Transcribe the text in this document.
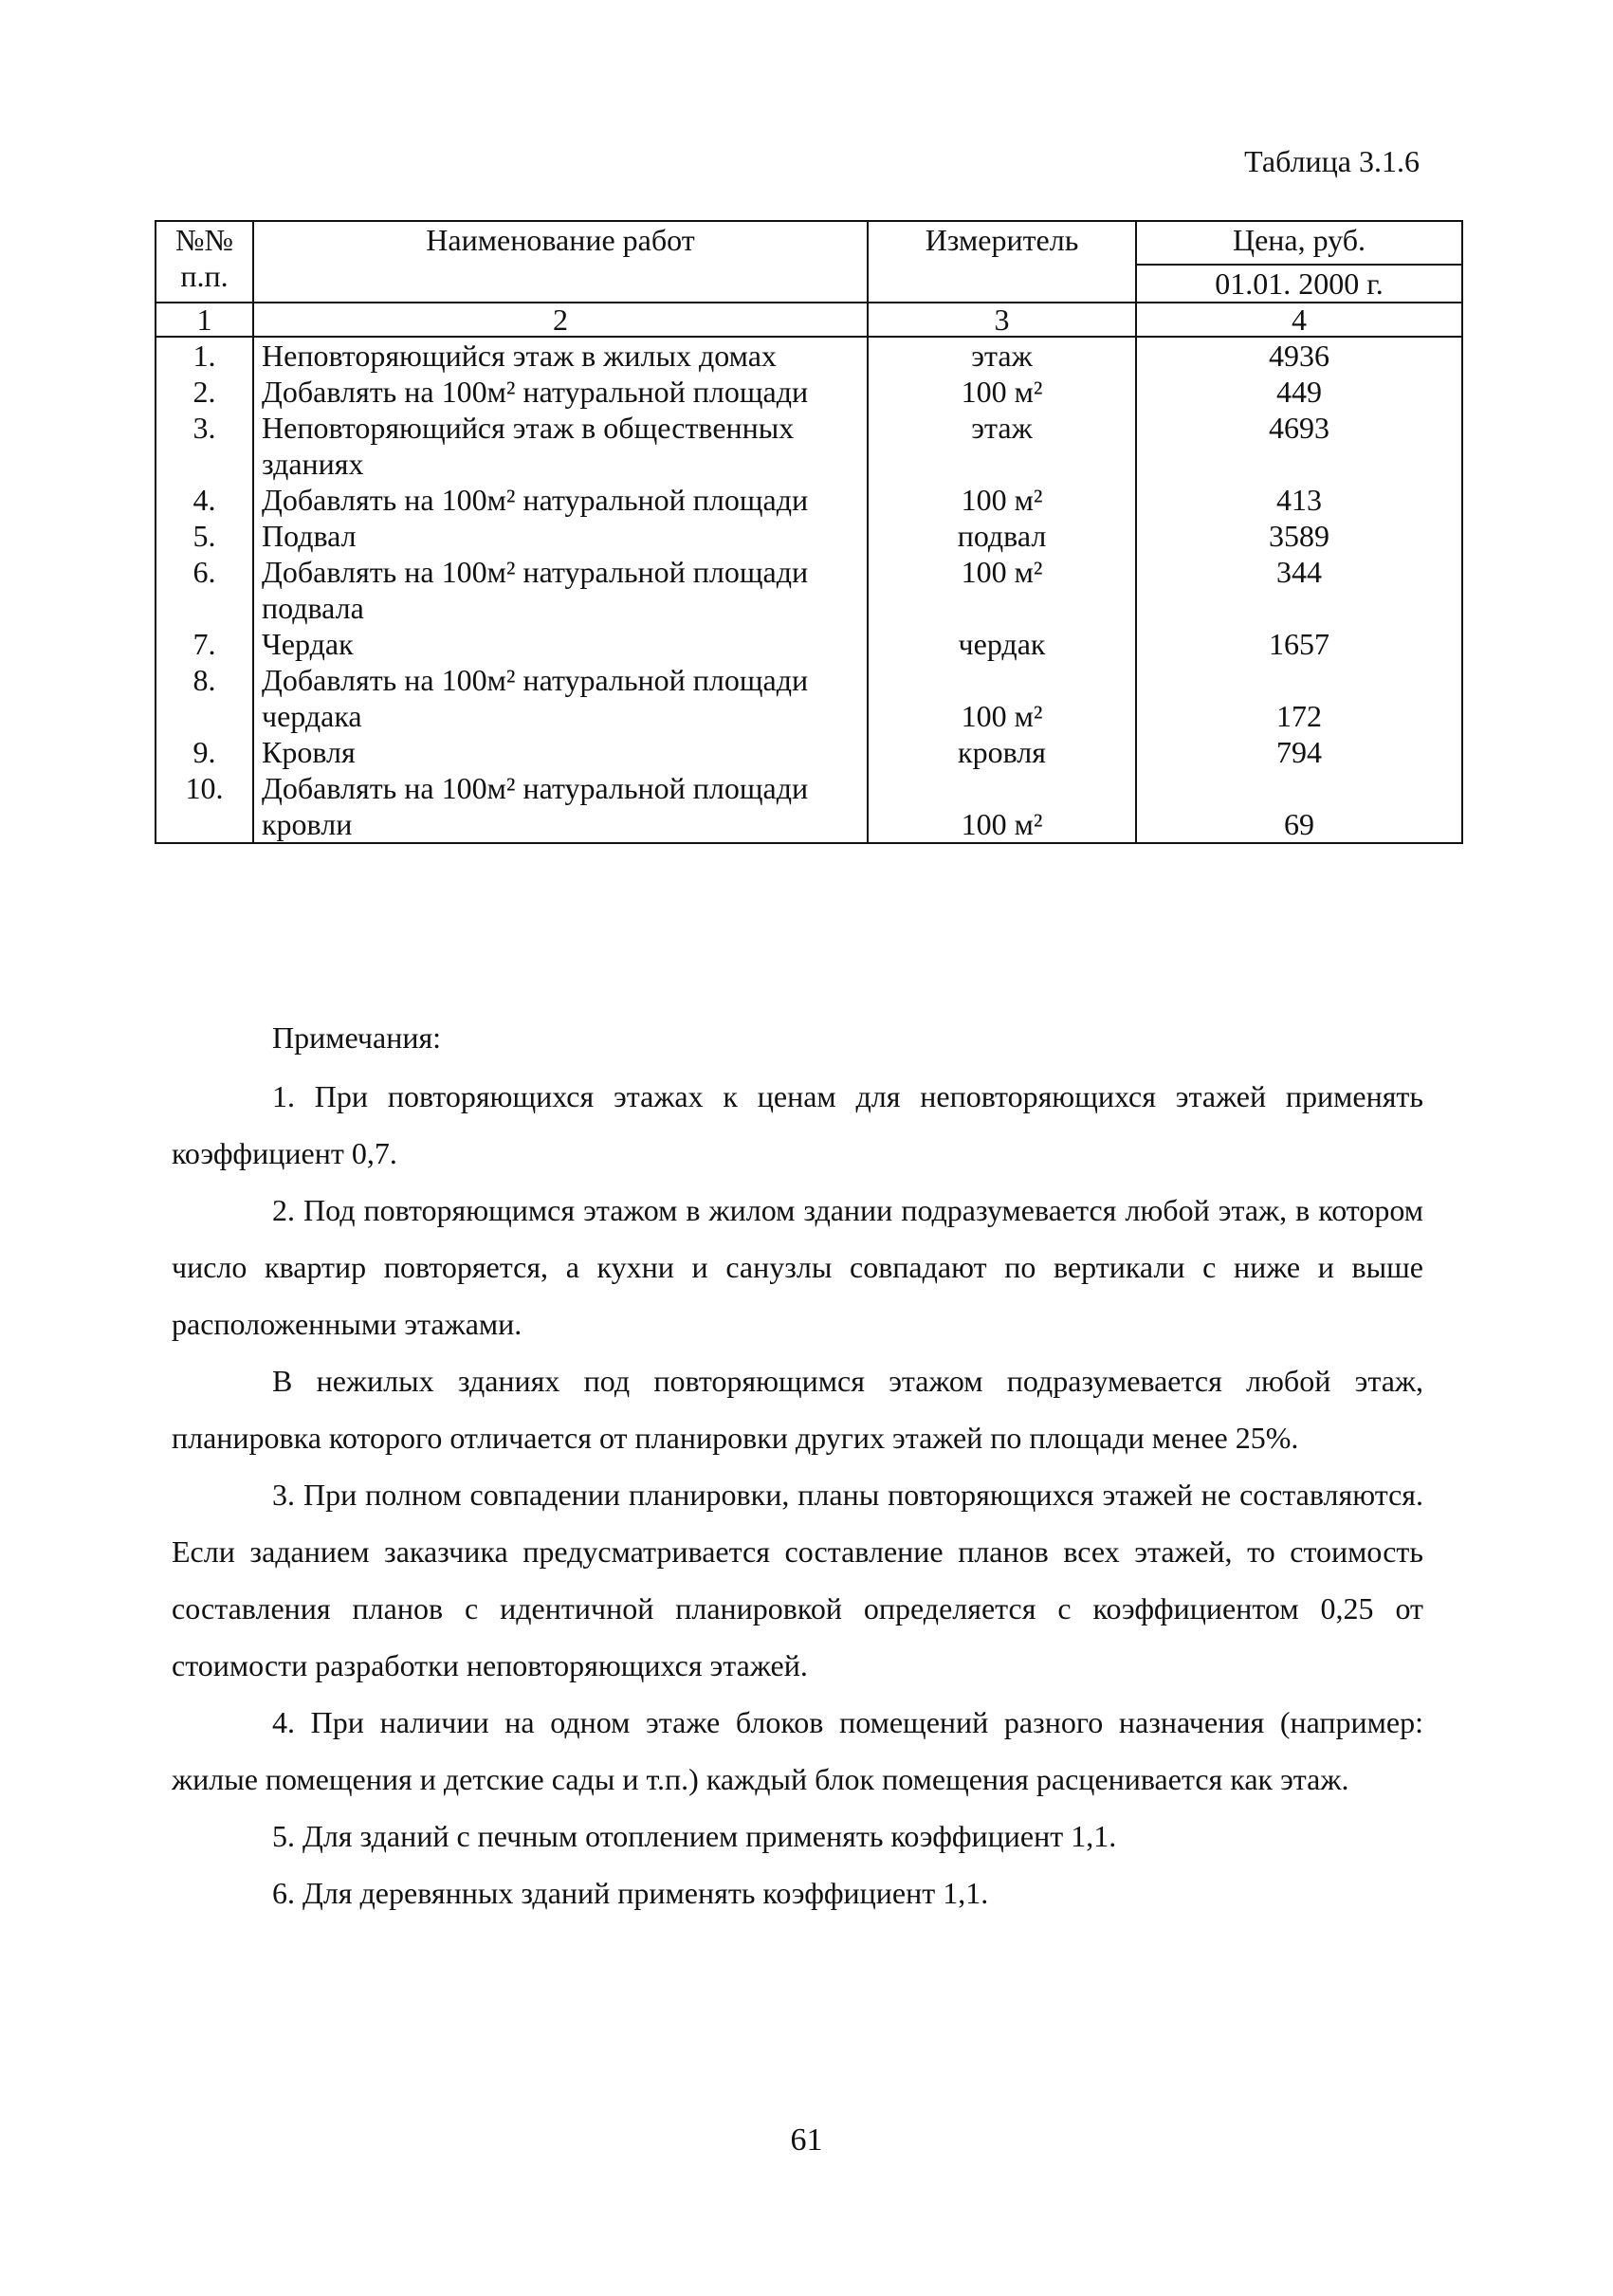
Таблица 3.1.6
№№ п.п.	Наименование работ	Измеритель	Цена, руб.
			01.01. 2000 г.
1	2	3	4
1.	Неповторяющийся этаж в жилых домах	этаж	4936
2.	Добавлять на 100м² натуральной площади	100 м²	449
3.	Неповторяющийся этаж в общественных зданиях	этаж	4693
4.	Добавлять на 100м² натуральной площади	100 м²	413
5.	Подвал	подвал	3589
6.	Добавлять на 100м² натуральной площади подвала	100 м²	344
7.	Чердак	чердак	1657
8.	Добавлять на 100м² натуральной площади чердака	100 м²	172
9.	Кровля	кровля	794
10.	Добавлять на 100м² натуральной площади кровли	100 м²	69
Примечания:

1. При повторяющихся этажах к ценам для неповторяющихся этажей применять коэффициент 0,7.

2. Под повторяющимся этажом в жилом здании подразумевается любой этаж, в котором число квартир повторяется, а кухни и санузлы совпадают по вертикали с ниже и выше расположенными этажами.

В нежилых зданиях под повторяющимся этажом подразумевается любой этаж, планировка которого отличается от планировки других этажей по площади менее 25%.

3. При полном совпадении планировки, планы повторяющихся этажей не составляются. Если заданием заказчика предусматривается составление планов всех этажей, то стоимость составления планов с идентичной планировкой определяется с коэффициентом 0,25 от стоимости разработки неповторяющихся этажей.

4. При наличии на одном этаже блоков помещений разного назначения (например: жилые помещения и детские сады и т.п.) каждый блок помещения расценивается как этаж.

5. Для зданий с печным отоплением применять коэффициент 1,1.

6. Для деревянных зданий применять коэффициент 1,1.

61
